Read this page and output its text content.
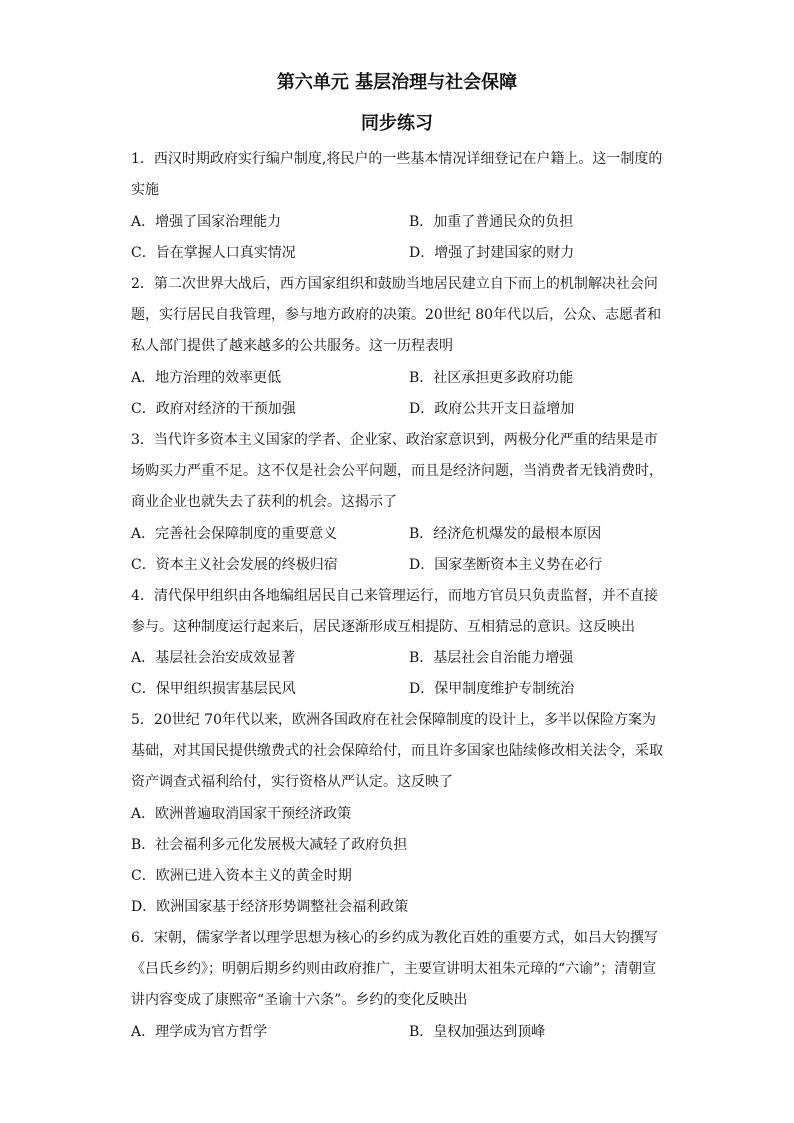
第六单元 基层治理与社会保障
同步练习
1．西汉时期政府实行编户制度,将民户的一些基本情况详细登记在户籍上。这一制度的
实施
A．增强了国家治理能力	B．加重了普通民众的负担
C．旨在掌握人口真实情况	D．增强了封建国家的财力
2．第二次世界大战后，西方国家组织和鼓励当地居民建立自下而上的机制解决社会问
题，实行居民自我管理，参与地方政府的决策。20世纪 80年代以后，公众、志愿者和
私人部门提供了越来越多的公共服务。这一历程表明
A．地方治理的效率更低	B．社区承担更多政府功能
C．政府对经济的干预加强	D．政府公共开支日益增加
3．当代许多资本主义国家的学者、企业家、政治家意识到，两极分化严重的结果是市
场购买力严重不足。这不仅是社会公平问题，而且是经济问题，当消费者无钱消费时，
商业企业也就失去了获利的机会。这揭示了
A．完善社会保障制度的重要意义	B．经济危机爆发的最根本原因
C．资本主义社会发展的终极归宿	D．国家垄断资本主义势在必行
4．清代保甲组织由各地编组居民自己来管理运行，而地方官员只负责监督，并不直接
参与。这种制度运行起来后，居民逐渐形成互相提防、互相猜忌的意识。这反映出
A．基层社会治安成效显著	B．基层社会自治能力增强
C．保甲组织损害基层民风	D．保甲制度维护专制统治
5．20世纪 70年代以来，欧洲各国政府在社会保障制度的设计上，多半以保险方案为
基础，对其国民提供缴费式的社会保障给付，而且许多国家也陆续修改相关法令，采取
资产调查式福利给付，实行资格从严认定。这反映了
A．欧洲普遍取消国家干预经济政策
B．社会福利多元化发展极大减轻了政府负担
C．欧洲已进入资本主义的黄金时期
D．欧洲国家基于经济形势调整社会福利政策
6．宋朝，儒家学者以理学思想为核心的乡约成为教化百姓的重要方式，如吕大钧撰写
《吕氏乡约》；明朝后期乡约则由政府推广，主要宣讲明太祖朱元璋的“六谕”；清朝宣
讲内容变成了康熙帝“圣谕十六条”。乡约的变化反映出
A．理学成为官方哲学	B．皇权加强达到顶峰
